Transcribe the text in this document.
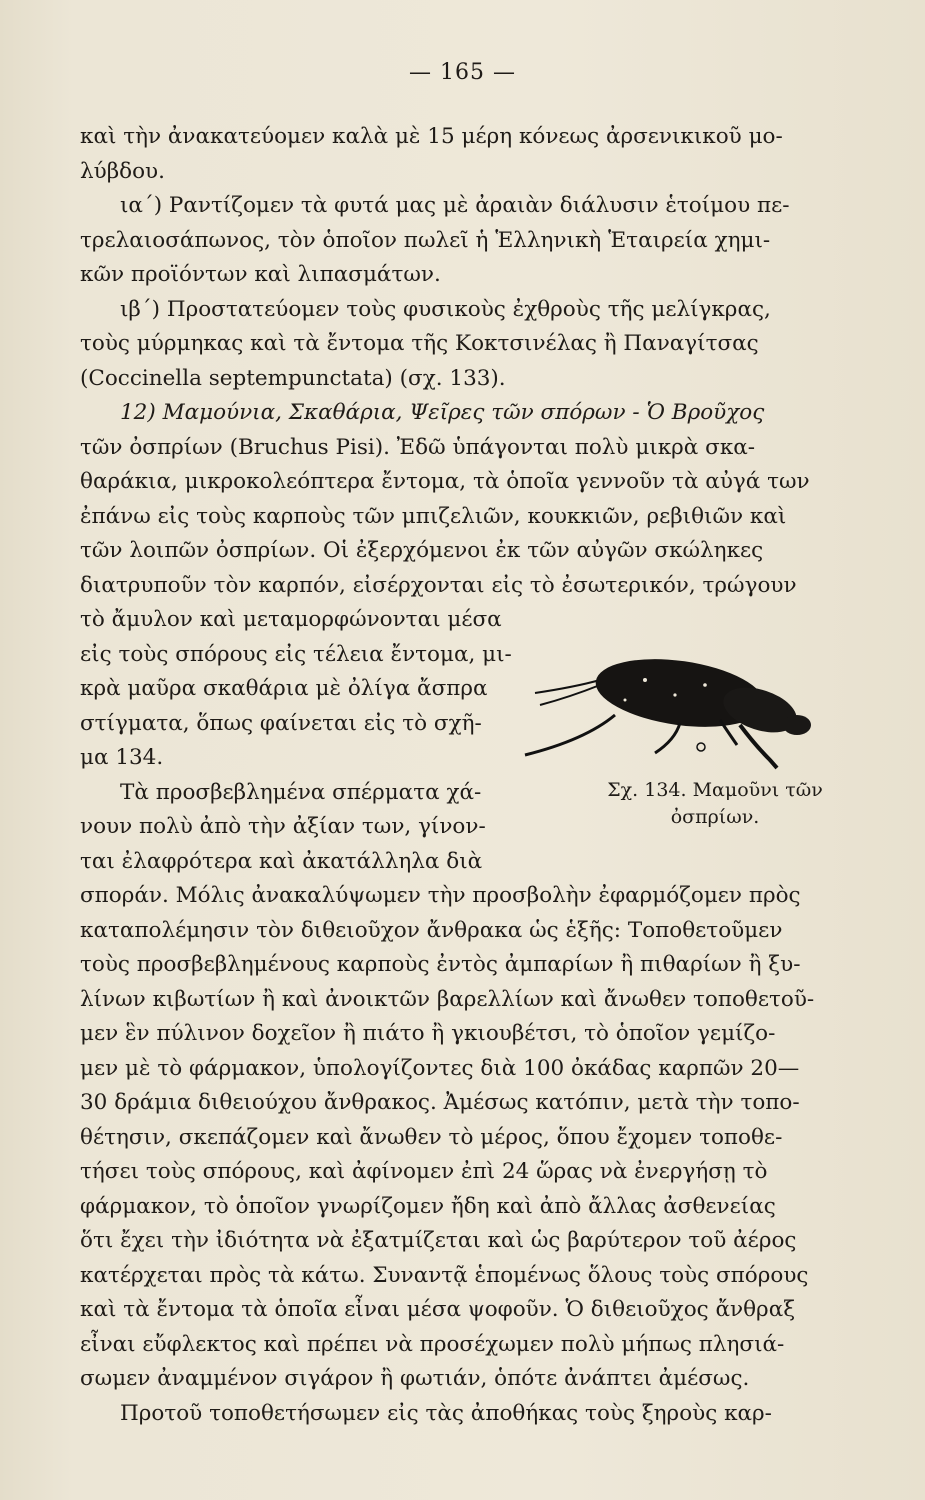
— 165 —
καὶ τὴν ἀνακατεύομεν καλὰ μὲ 15 μέρη κόνεως ἀρσενικικοῦ μο-
λύβδου.
ια΄) Ραντίζομεν τὰ φυτά μας μὲ ἀραιὰν διάλυσιν ἑτοίμου πε-
τρελαιοσάπωνος, τὸν ὁποῖον πωλεῖ ἡ Ἑλληνικὴ Ἑταιρεία χημι-
κῶν προϊόντων καὶ λιπασμάτων.
ιβ΄) Προστατεύομεν τοὺς φυσικοὺς ἐχθροὺς τῆς μελίγκρας,
τοὺς μύρμηκας καὶ τὰ ἔντομα τῆς Κοκτσινέλας ἢ Παναγίτσας
(Coccinella septempunctata) (σχ. 133).
12) Μαμούνια, Σκαθάρια, Ψεῖρες τῶν σπόρων - Ὁ Βροῦχος
τῶν ὀσπρίων (Bruchus Pisi). Ἐδῶ ὑπάγονται πολὺ μικρὰ σκα-
θαράκια, μικροκολεόπτερα ἔντομα, τὰ ὁποῖα γεννοῦν τὰ αὐγά των
ἐπάνω εἰς τοὺς καρποὺς τῶν μπιζελιῶν, κουκκιῶν, ρεβιθιῶν καὶ
τῶν λοιπῶν ὀσπρίων. Οἱ ἐξερχόμενοι ἐκ τῶν αὐγῶν σκώληκες
διατρυποῦν τὸν καρπόν, εἰσέρχονται εἰς τὸ ἐσωτερικόν, τρώγουν
τὸ ἄμυλον καὶ μεταμορφώνονται μέσα
εἰς τοὺς σπόρους εἰς τέλεια ἔντομα, μι-
κρὰ μαῦρα σκαθάρια μὲ ὀλίγα ἄσπρα
στίγματα, ὅπως φαίνεται εἰς τὸ σχῆ-
μα 134.
Τὰ προσβεβλημένα σπέρματα χά-
νουν πολὺ ἀπὸ τὴν ἀξίαν των, γίνον-
ται ἐλαφρότερα καὶ ἀκατάλληλα διὰ
σποράν. Μόλις ἀνακαλύψωμεν τὴν προσβολὴν ἐφαρμόζομεν πρὸς
καταπολέμησιν τὸν διθειοῦχον ἄνθρακα ὡς ἑξῆς: Τοποθετοῦμεν
τοὺς προσβεβλημένους καρποὺς ἐντὸς ἀμπαρίων ἢ πιθαρίων ἢ ξυ-
λίνων κιβωτίων ἢ καὶ ἀνοικτῶν βαρελλίων καὶ ἄνωθεν τοποθετοῦ-
μεν ἓν πύλινον δοχεῖον ἢ πιάτο ἢ γκιουβέτσι, τὸ ὁποῖον γεμίζο-
μεν μὲ τὸ φάρμακον, ὑπολογίζοντες διὰ 100 ὀκάδας καρπῶν 20—
30 δράμια διθειούχου ἄνθρακος. Ἀμέσως κατόπιν, μετὰ τὴν τοπο-
θέτησιν, σκεπάζομεν καὶ ἄνωθεν τὸ μέρος, ὅπου ἔχομεν τοποθε-
τήσει τοὺς σπόρους, καὶ ἀφίνομεν ἐπὶ 24 ὥρας νὰ ἐνεργήσῃ τὸ
φάρμακον, τὸ ὁποῖον γνωρίζομεν ἤδη καὶ ἀπὸ ἄλλας ἀσθενείας
ὅτι ἔχει τὴν ἰδιότητα νὰ ἐξατμίζεται καὶ ὡς βαρύτερον τοῦ ἀέρος
κατέρχεται πρὸς τὰ κάτω. Συναντᾷ ἑπομένως ὅλους τοὺς σπόρους
καὶ τὰ ἔντομα τὰ ὁποῖα εἶναι μέσα ψοφοῦν. Ὁ διθειοῦχος ἄνθραξ
εἶναι εὔφλεκτος καὶ πρέπει νὰ προσέχωμεν πολὺ μήπως πλησιά-
σωμεν ἀναμμένον σιγάρον ἢ φωτιάν, ὁπότε ἀνάπτει ἀμέσως.
Προτοῦ τοποθετήσωμεν εἰς τὰς ἀποθήκας τοὺς ξηροὺς καρ-
Σχ. 134. Μαμοῦνι τῶν
ὀσπρίων.
